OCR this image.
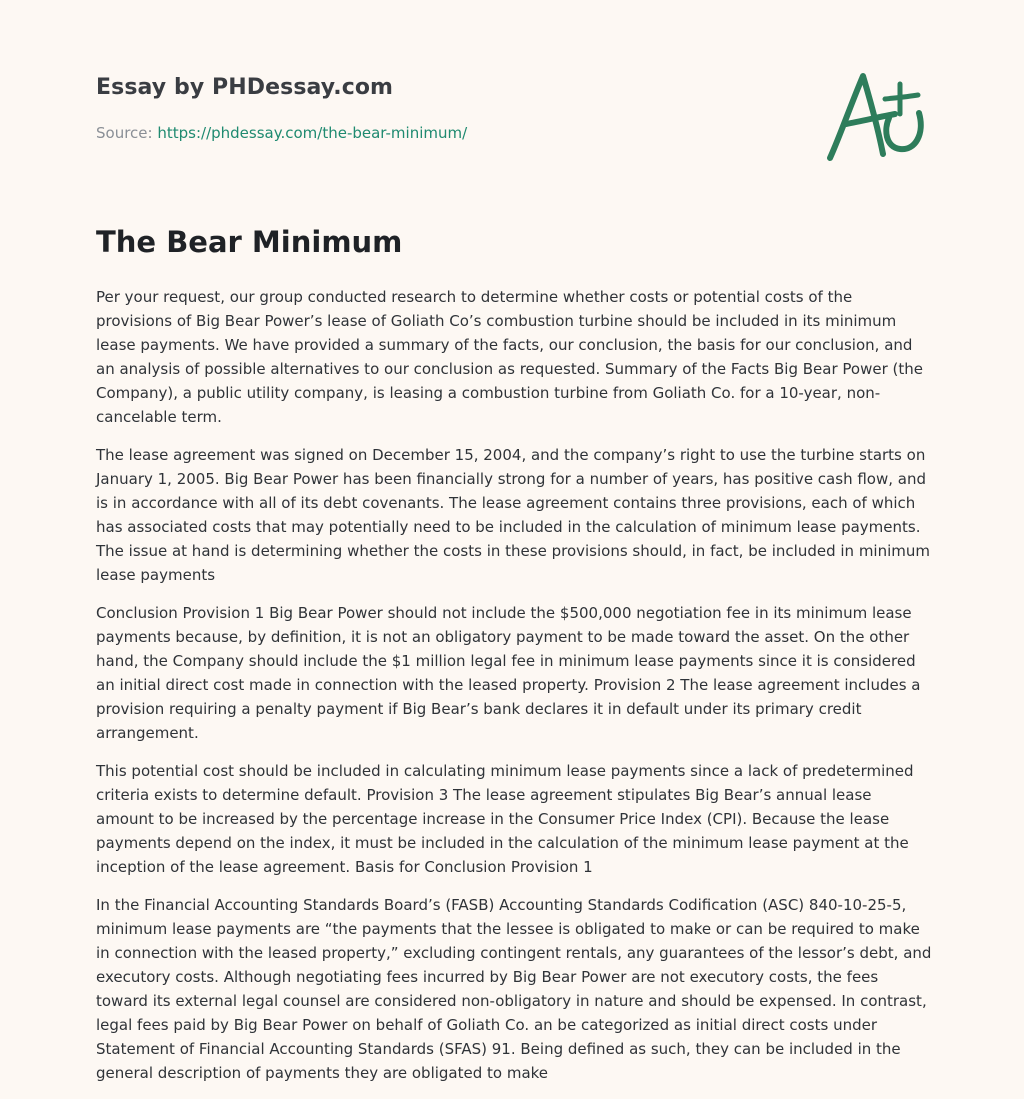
Essay by PHDessay.com
Source: https://phdessay.com/the-bear-minimum/
The Bear Minimum

Per your request, our group conducted research to determine whether costs or potential costs of the provisions of Big Bear Power’s lease of Goliath Co’s combustion turbine should be included in its minimum lease payments. We have provided a summary of the facts, our conclusion, the basis for our conclusion, and an analysis of possible alternatives to our conclusion as requested. Summary of the Facts Big Bear Power (the Company), a public utility company, is leasing a combustion turbine from Goliath Co. for a 10-year, non-cancelable term.

The lease agreement was signed on December 15, 2004, and the company’s right to use the turbine starts on January 1, 2005. Big Bear Power has been financially strong for a number of years, has positive cash flow, and is in accordance with all of its debt covenants. The lease agreement contains three provisions, each of which has associated costs that may potentially need to be included in the calculation of minimum lease payments. The issue at hand is determining whether the costs in these provisions should, in fact, be included in minimum lease payments

Conclusion Provision 1 Big Bear Power should not include the $500,000 negotiation fee in its minimum lease payments because, by definition, it is not an obligatory payment to be made toward the asset. On the other hand, the Company should include the $1 million legal fee in minimum lease payments since it is considered an initial direct cost made in connection with the leased property. Provision 2 The lease agreement includes a provision requiring a penalty payment if Big Bear’s bank declares it in default under its primary credit arrangement.

This potential cost should be included in calculating minimum lease payments since a lack of predetermined criteria exists to determine default. Provision 3 The lease agreement stipulates Big Bear’s annual lease amount to be increased by the percentage increase in the Consumer Price Index (CPI). Because the lease payments depend on the index, it must be included in the calculation of the minimum lease payment at the inception of the lease agreement. Basis for Conclusion Provision 1

In the Financial Accounting Standards Board’s (FASB) Accounting Standards Codification (ASC) 840-10-25-5, minimum lease payments are “the payments that the lessee is obligated to make or can be required to make in connection with the leased property,” excluding contingent rentals, any guarantees of the lessor’s debt, and executory costs. Although negotiating fees incurred by Big Bear Power are not executory costs, the fees toward its external legal counsel are considered non-obligatory in nature and should be expensed. In contrast, legal fees paid by Big Bear Power on behalf of Goliath Co. an be categorized as initial direct costs under Statement of Financial Accounting Standards (SFAS) 91. Being defined as such, they can be included in the general description of payments they are obligated to make
